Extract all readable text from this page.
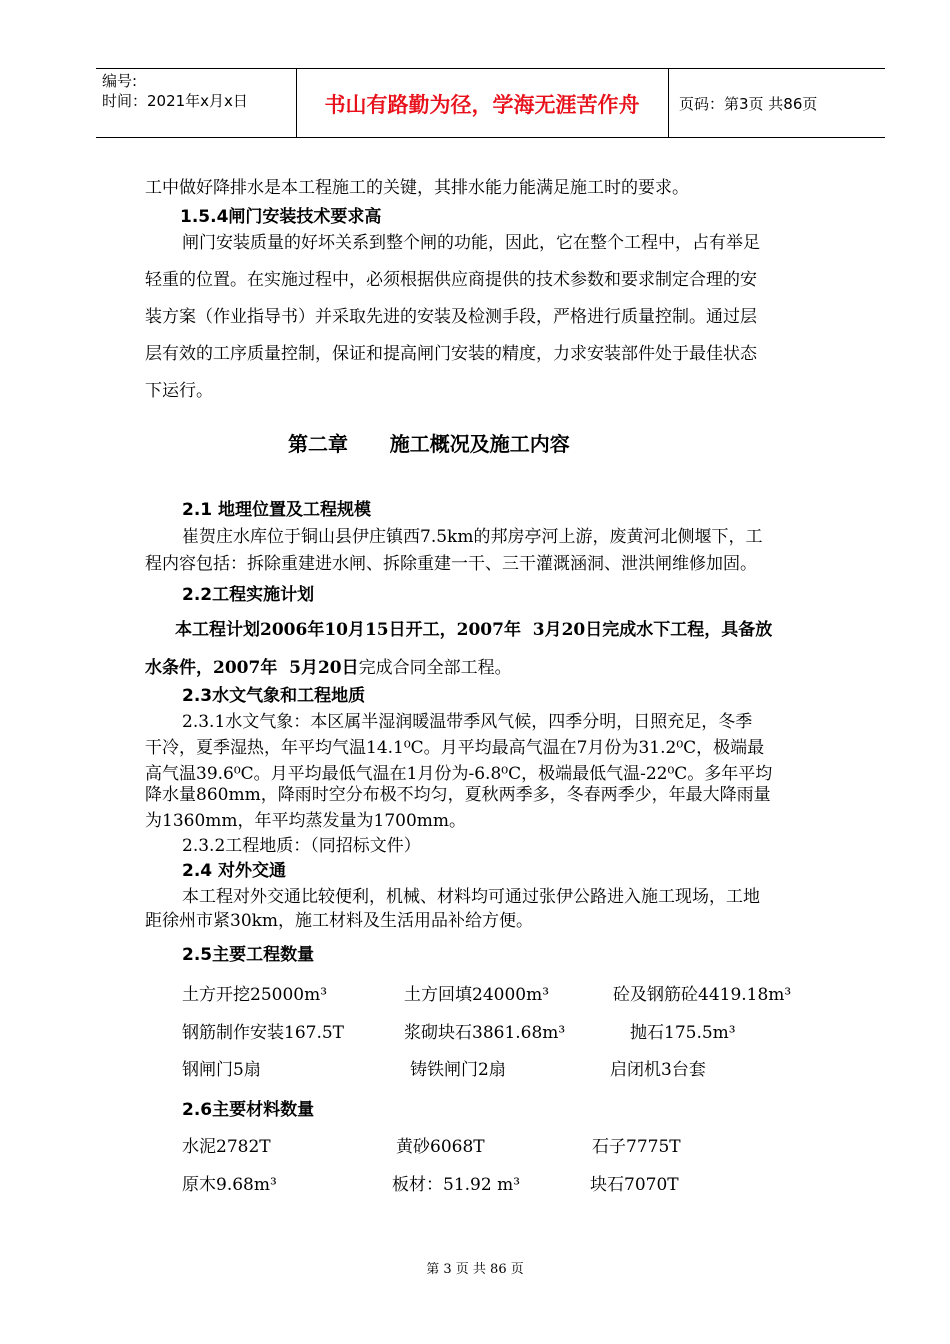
编号:
时间：2021年x月x日	书山有路勤为径，学海无涯苦作舟	页码：第3页 共86页
工中做好降排水是本工程施工的关键，其排水能力能满足施工时的要求。
1.5.4闸门安装技术要求高
闸门安装质量的好坏关系到整个闸的功能，因此，它在整个工程中，占有举足
轻重的位置。在实施过程中，必须根据供应商提供的技术参数和要求制定合理的安
装方案（作业指导书）并采取先进的安装及检测手段，严格进行质量控制。通过层
层有效的工序质量控制，保证和提高闸门安装的精度，力求安装部件处于最佳状态
下运行。
第二章      施工概况及施工内容
2.1 地理位置及工程规模
崔贺庄水库位于铜山县伊庄镇西7.5km的邦房亭河上游，废黄河北侧堰下，工
程内容包括：拆除重建进水闸、拆除重建一干、三干灌溉涵洞、泄洪闸维修加固。
2.2工程实施计划
本工程计划2006年10月15日开工，2007年  3月20日完成水下工程，具备放
水条件，2007年  5月20日完成合同全部工程。
2.3水文气象和工程地质
2.3.1水文气象：本区属半湿润暖温带季风气候，四季分明，日照充足，冬季
干冷，夏季湿热，年平均气温14.1⁰C。月平均最高气温在7月份为31.2⁰C，极端最
高气温39.6⁰C。月平均最低气温在1月份为-6.8⁰C，极端最低气温-22⁰C。多年平均
降水量860mm，降雨时空分布极不均匀，夏秋两季多，冬春两季少，年最大降雨量
为1360mm，年平均蒸发量为1700mm。
2.3.2工程地质：（同招标文件）
2.4 对外交通
本工程对外交通比较便利，机械、材料均可通过张伊公路进入施工现场，工地
距徐州市紧30km，施工材料及生活用品补给方便。
2.5主要工程数量
土方开挖25000m³	土方回填24000m³	砼及钢筋砼4419.18m³
钢筋制作安装167.5T	浆砌块石3861.68m³	抛石175.5m³
钢闸门5扇	铸铁闸门2扇	启闭机3台套
2.6主要材料数量
水泥2782T	黄砂6068T	石子7775T
原木9.68m³	板材：51.92 m³	块石7070T
第 3 页 共 86 页
